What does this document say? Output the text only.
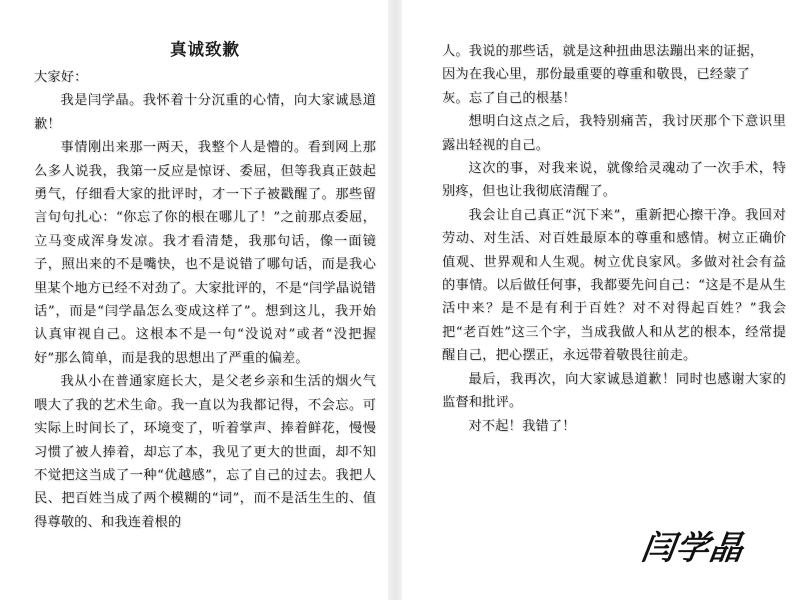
真诚致歉
大家好：

我是闫学晶。我怀着十分沉重的心情，向大家诚恳道歉！

事情刚出来那一两天，我整个人是懵的。看到网上那么多人说我，我第一反应是惊讶、委屈，但等我真正鼓起勇气，仔细看大家的批评时，才一下子被戳醒了。那些留言句句扎心：“你忘了你的根在哪儿了！”之前那点委屈，立马变成浑身发凉。我才看清楚，我那句话，像一面镜子，照出来的不是嘴快，也不是说错了哪句话，而是我心里某个地方已经不对劲了。大家批评的，不是“闫学晶说错话”，而是“闫学晶怎么变成这样了”。想到这儿，我开始认真审视自己。这根本不是一句“没说对”或者“没把握好”那么简单，而是我的思想出了严重的偏差。

我从小在普通家庭长大，是父老乡亲和生活的烟火气喂大了我的艺术生命。我一直以为我都记得，不会忘。可实际上时间长了，环境变了，听着掌声、捧着鲜花，慢慢习惯了被人捧着，却忘了本，我见了更大的世面，却不知不觉把这当成了一种“优越感”，忘了自己的过去。我把人民、把百姓当成了两个模糊的“词”，而不是活生生的、值得尊敬的、和我连着根的

人。我说的那些话，就是这种扭曲思法蹦出来的证据，
因为在我心里，那份最重要的尊重和敬畏，已经蒙了
灰。忘了自己的根基！

想明白这点之后，我特别痛苦，我讨厌那个下意识里露出轻视的自己。

这次的事，对我来说，就像给灵魂动了一次手术，特别疼，但也让我彻底清醒了。

我会让自己真正“沉下来”，重新把心擦干净。我回对劳动、对生活、对百姓最原本的尊重和感情。树立正确价值观、世界观和人生观。树立优良家风。多做对社会有益的事情。以后做任何事，我都要先问自己：“这是不是从生活中来？是不是有利于百姓？对不对得起百姓？”我会把“老百姓”这三个字，当成我做人和从艺的根本，经常提醒自己，把心摆正，永远带着敬畏往前走。

最后，我再次，向大家诚恳道歉！同时也感谢大家的监督和批评。

对不起！我错了！

闫学晶
